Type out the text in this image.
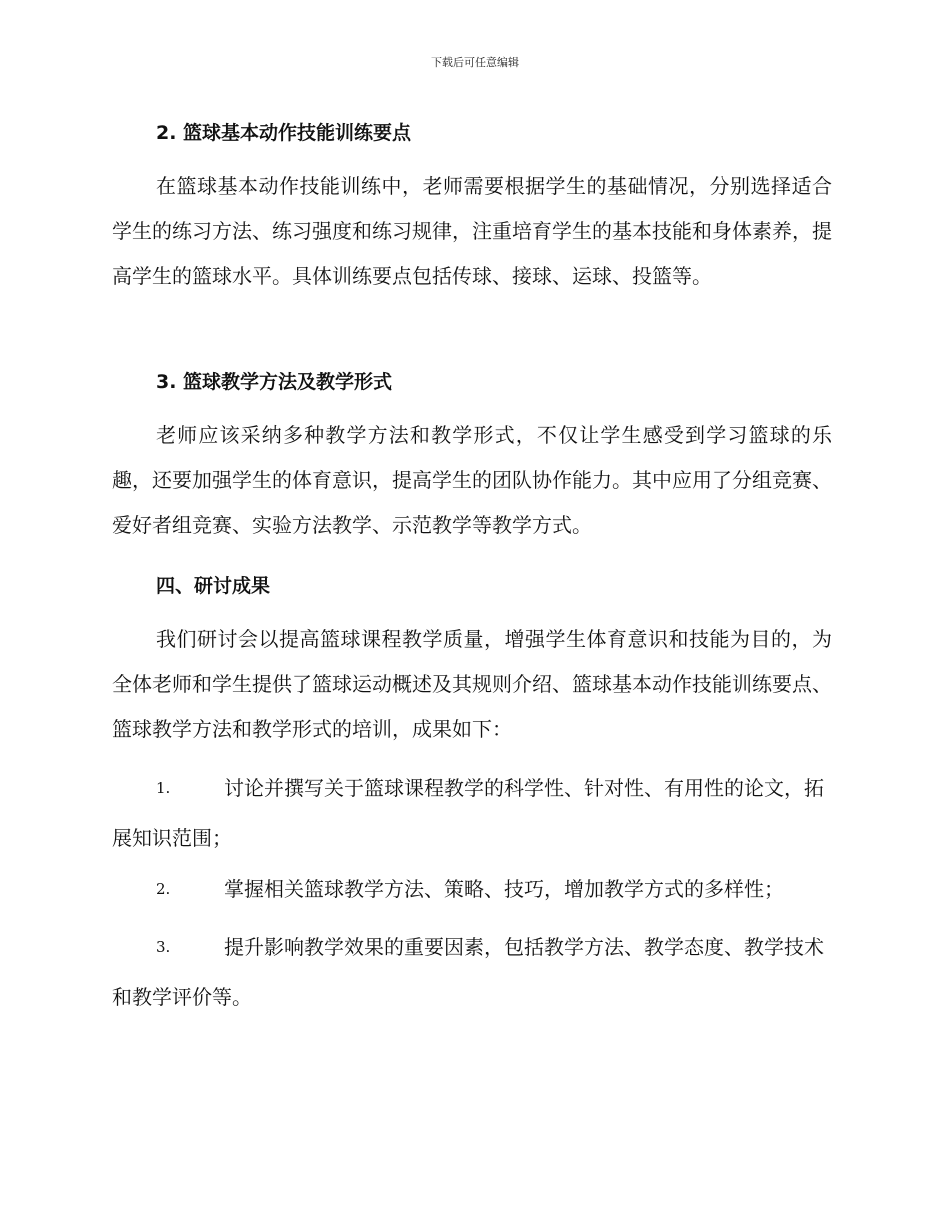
下载后可任意编辑
2. 篮球基本动作技能训练要点
在篮球基本动作技能训练中，老师需要根据学生的基础情况，分别选择适合学生的练习方法、练习强度和练习规律，注重培育学生的基本技能和身体素养，提高学生的篮球水平。具体训练要点包括传球、接球、运球、投篮等。
3. 篮球教学方法及教学形式
老师应该采纳多种教学方法和教学形式，不仅让学生感受到学习篮球的乐趣，还要加强学生的体育意识，提高学生的团队协作能力。其中应用了分组竞赛、爱好者组竞赛、实验方法教学、示范教学等教学方式。
四、研讨成果
我们研讨会以提高篮球课程教学质量，增强学生体育意识和技能为目的，为全体老师和学生提供了篮球运动概述及其规则介绍、篮球基本动作技能训练要点、篮球教学方法和教学形式的培训，成果如下：
1.	讨论并撰写关于篮球课程教学的科学性、针对性、有用性的论文，拓展知识范围；
2.	掌握相关篮球教学方法、策略、技巧，增加教学方式的多样性；
3.	提升影响教学效果的重要因素，包括教学方法、教学态度、教学技术和教学评价等。
